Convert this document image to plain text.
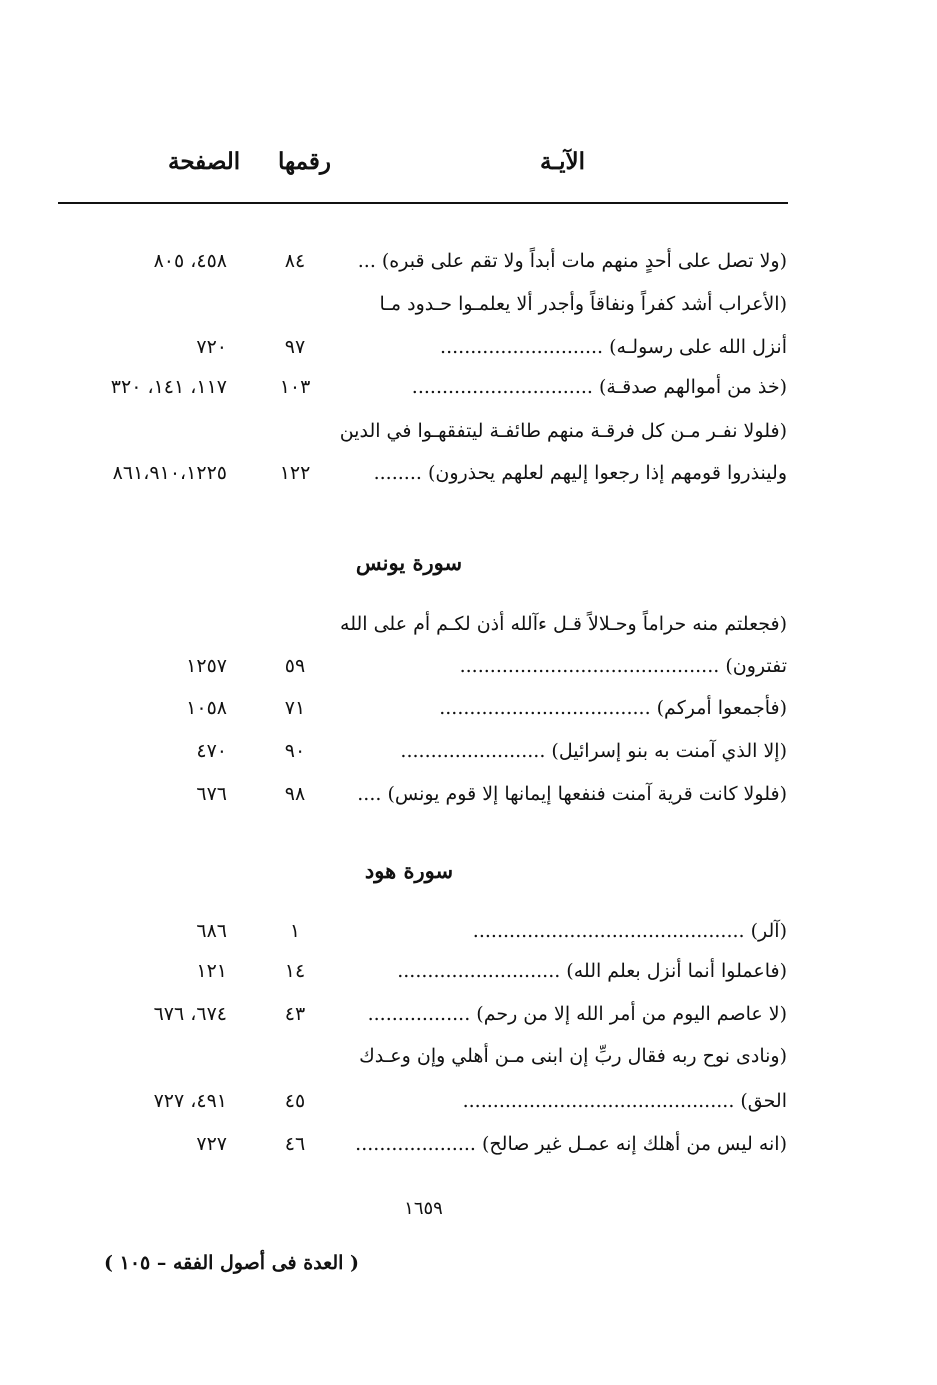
الآيـة
رقمها
الصفحة
(ولا تصل على أحدٍ منهم مات أبداً ولا تقم على قبره) ...
٨٤
٤٥٨، ٨٠٥
(الأعراب أشد كفراً ونفاقاً وأجدر ألا يعلمـوا حـدود مـا
أنزل الله على رسولـه) ...........................
٩٧
٧٢٠
(خذ من أموالهم صدقـة) ..............................
١٠٣
١١٧، ١٤١، ٣٢٠
(فلولا نفـر مـن كل فرقـة منهم طائفـة ليتفقهـوا في الدين
ولينذروا قومهم إذا رجعوا إليهم لعلهم يحذرون) ........
١٢٢
٨٦١،٩١٠،١٢٢٥
سورة يونس
(فجعلتم منه حراماً وحـلالاً قـل ءآلله أذن لكـم أم على الله
تفترون) ...........................................
٥٩
١٢٥٧
(فأجمعوا أمركم) ...................................
٧١
١٠٥٨
(إلا الذي آمنت به بنو إسرائيل) ........................
٩٠
٤٧٠
(فلولا كانت قرية آمنت فنفعها إيمانها إلا قوم يونس) ....
٩٨
٦٧٦
سورة هود
(آلر) .............................................
١
٦٨٦
(فاعملوا أنما أنزل بعلم الله) ...........................
١٤
١٢١
(لا عاصم اليوم من أمر الله إلا من رحم) .................
٤٣
٦٧٤، ٦٧٦
(ونادى نوح ربه فقال ربِّ إن ابنى مـن أهلي وإن وعـدك
الحق) .............................................
٤٥
٤٩١، ٧٢٧
(انه ليس من أهلك إنه عمـل غير صالح) ....................
٤٦
٧٢٧
١٦٥٩
( العدة فى أصول الفقه – ١٠٥ )
